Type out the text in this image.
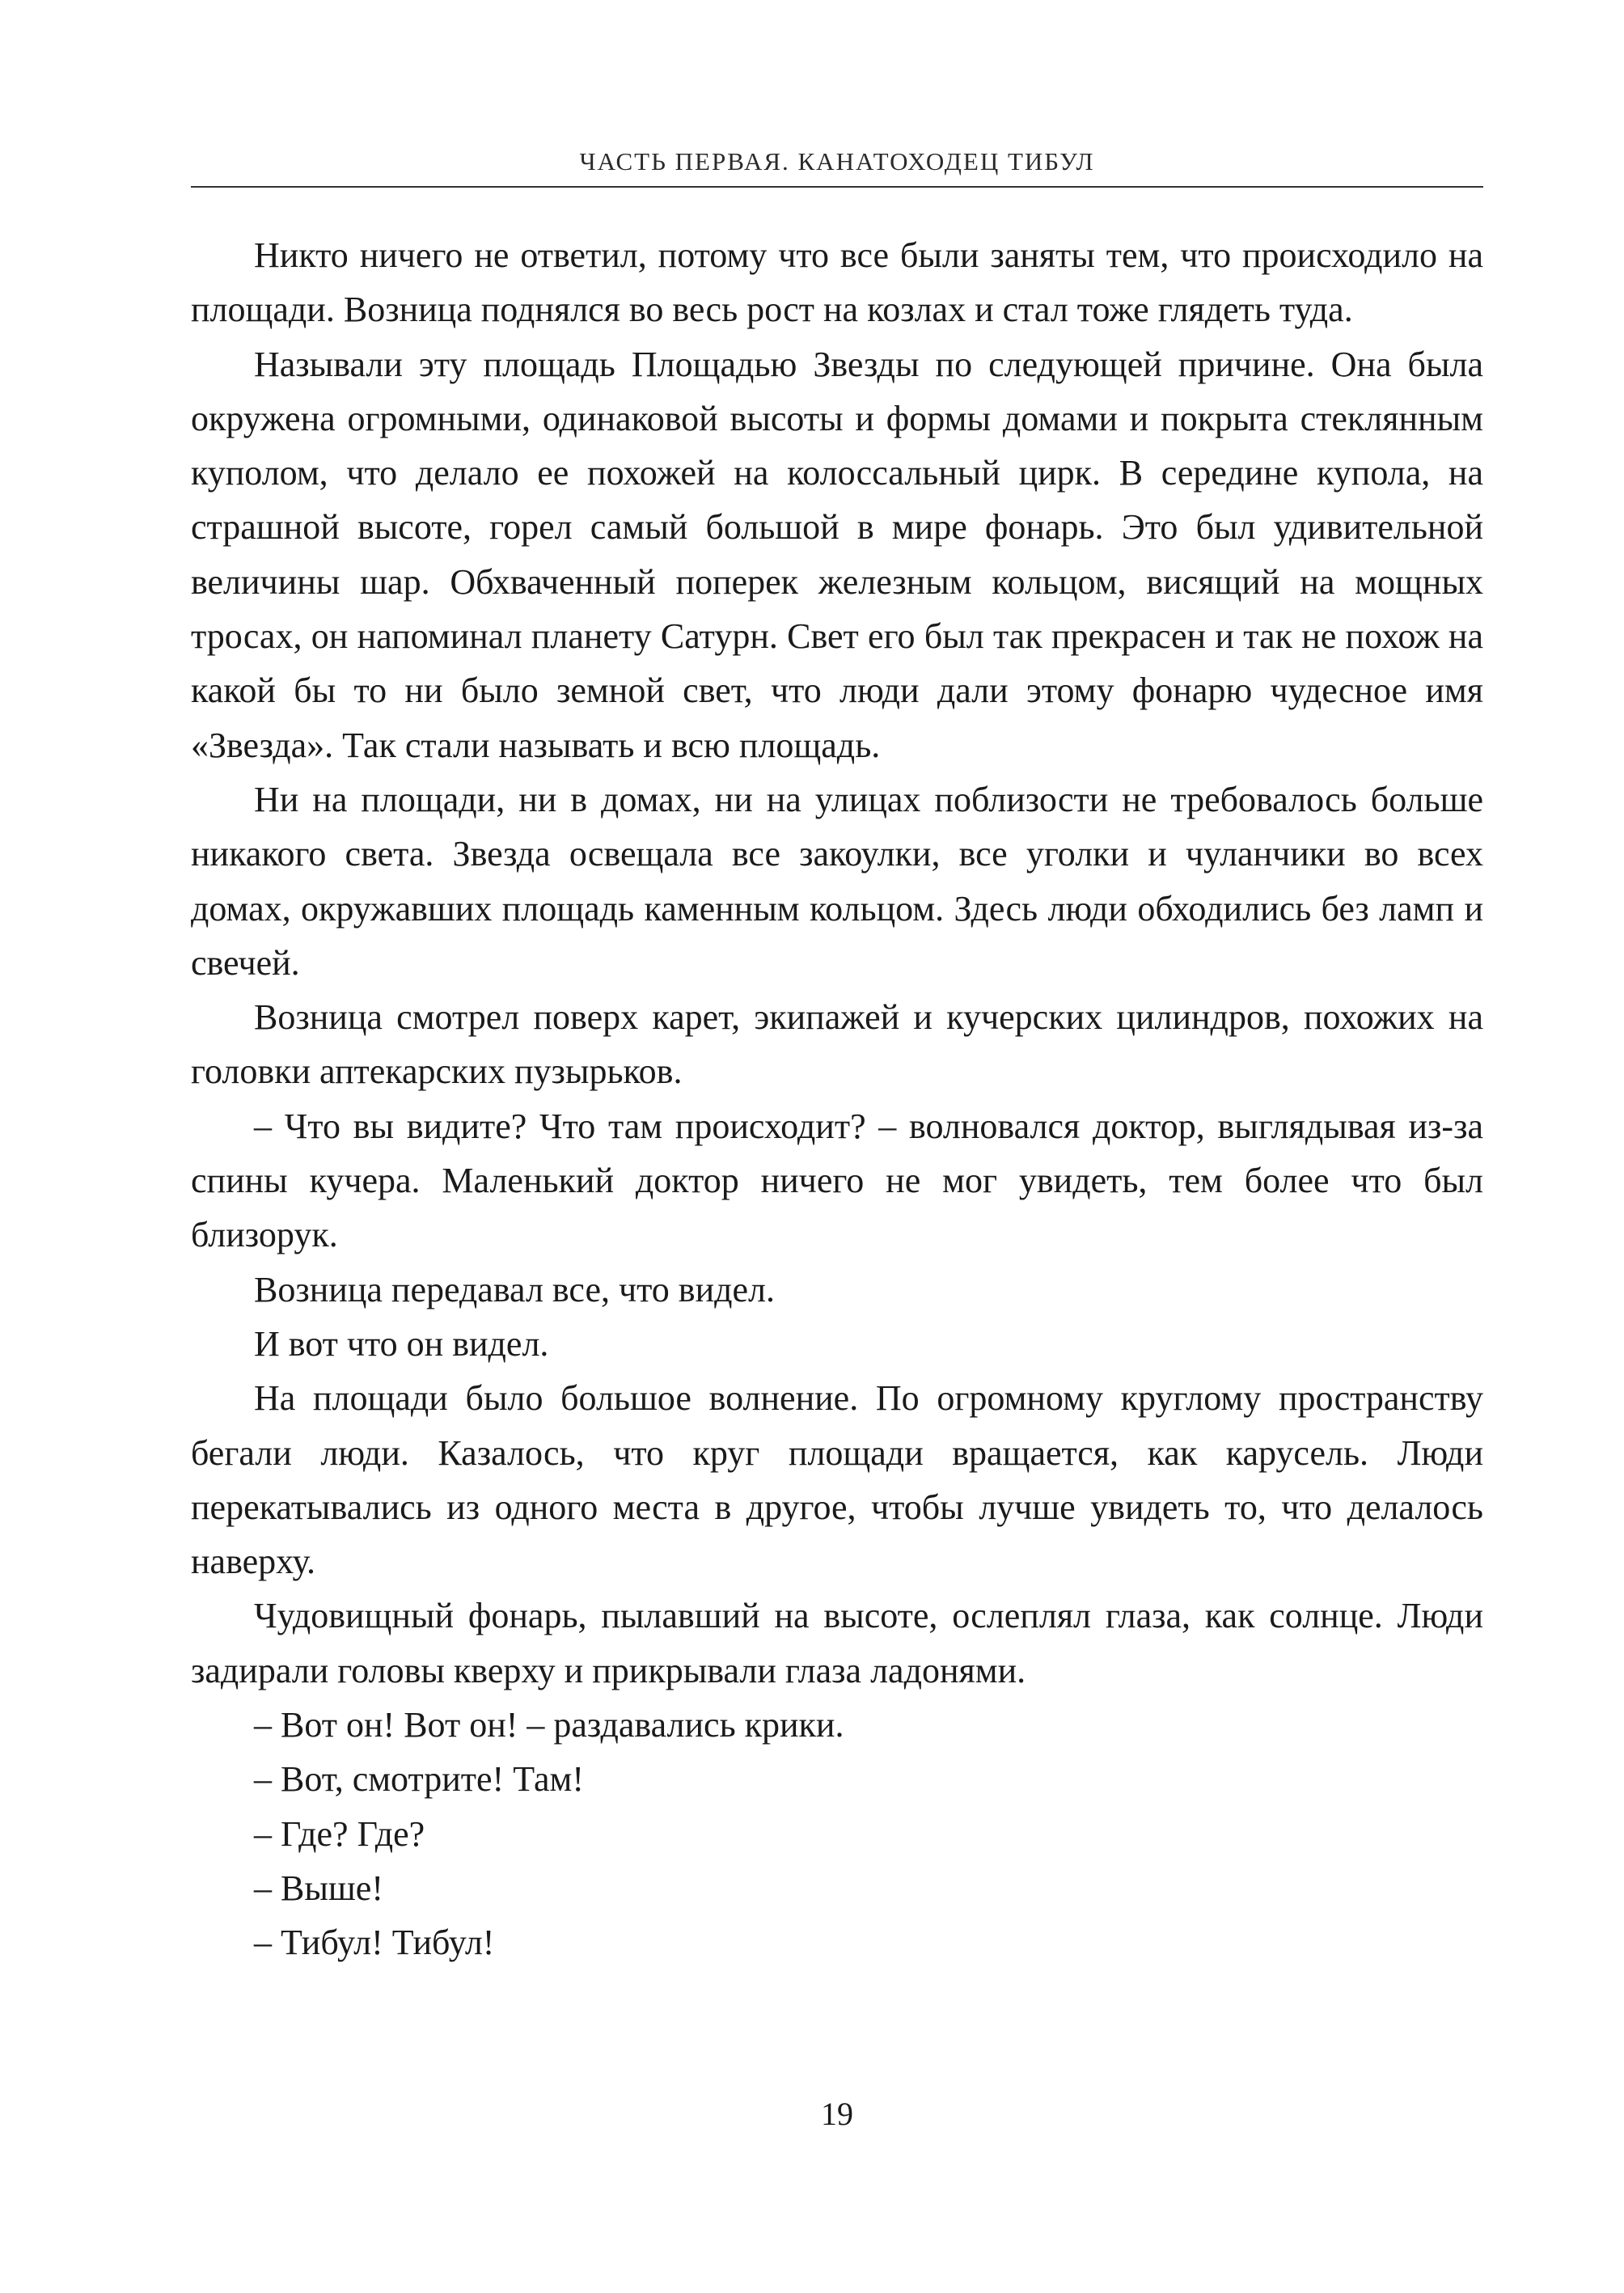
ЧАСТЬ ПЕРВАЯ. КАНАТОХОДЕЦ ТИБУЛ

Никто ничего не ответил, потому что все были заняты тем, что происходило на площади. Возница поднялся во весь рост на козлах и стал тоже глядеть туда.

Называли эту площадь Площадью Звезды по следующей причине. Она была окружена огромными, одинаковой высоты и формы домами и покрыта стеклянным куполом, что делало ее похожей на колоссальный цирк. В середине купола, на страшной высоте, горел самый большой в мире фонарь. Это был удивительной величины шар. Обхваченный поперек железным кольцом, висящий на мощных тросах, он напоминал планету Сатурн. Свет его был так прекрасен и так не похож на какой бы то ни было земной свет, что люди дали этому фонарю чудесное имя «Звезда». Так стали называть и всю площадь.

Ни на площади, ни в домах, ни на улицах поблизости не требовалось больше никакого света. Звезда освещала все закоулки, все уголки и чуланчики во всех домах, окружавших площадь каменным кольцом. Здесь люди обходились без ламп и свечей.

Возница смотрел поверх карет, экипажей и кучерских цилиндров, похожих на головки аптекарских пузырьков.

– Что вы видите? Что там происходит? – волновался доктор, выглядывая из-за спины кучера. Маленький доктор ничего не мог увидеть, тем более что был близорук.

Возница передавал все, что видел.

И вот что он видел.

На площади было большое волнение. По огромному круглому пространству бегали люди. Казалось, что круг площади вращается, как карусель. Люди перекатывались из одного места в другое, чтобы лучше увидеть то, что делалось наверху.

Чудовищный фонарь, пылавший на высоте, ослеплял глаза, как солнце. Люди задирали головы кверху и прикрывали глаза ладонями.

– Вот он! Вот он! – раздавались крики.

– Вот, смотрите! Там!

– Где? Где?

– Выше!

– Тибул! Тибул!

19
